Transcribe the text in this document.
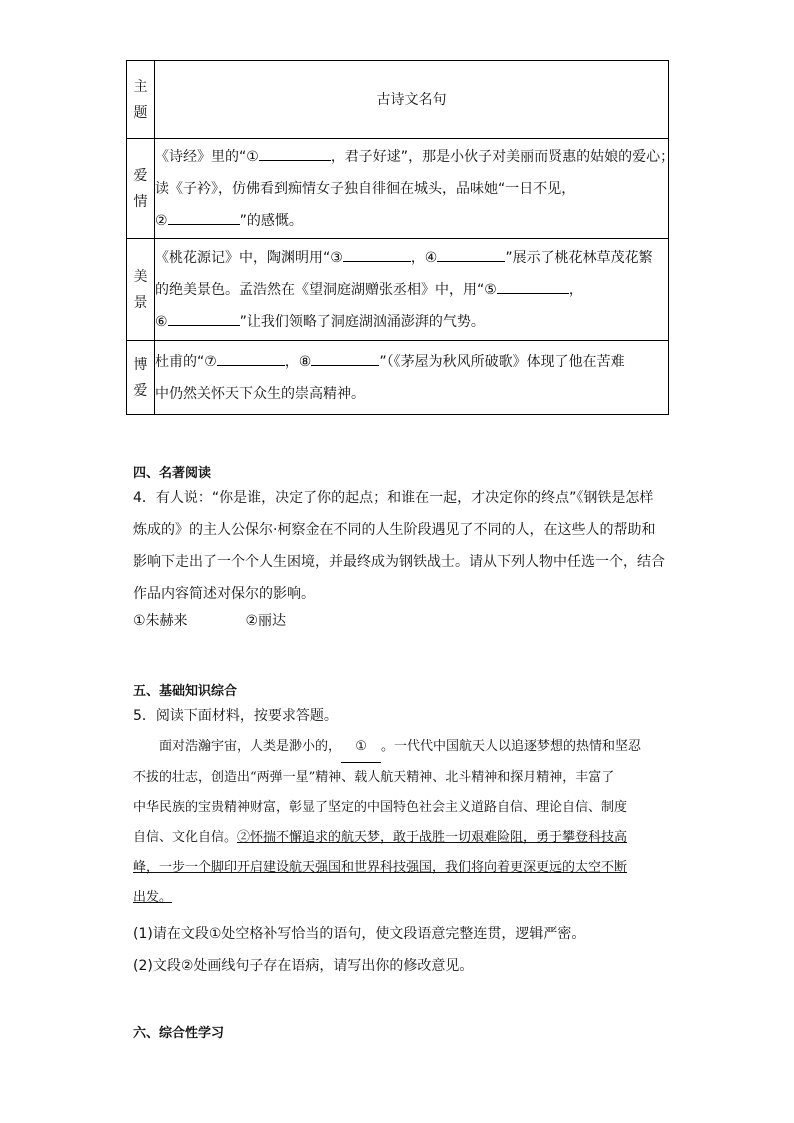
主
题	古诗文名句

爱
情	《诗经》里的“① ，君子好逑”，那是小伙子对美丽而贤惠的姑娘的爱心；
读《子衿》，仿佛看到痴情女子独自徘徊在城头，品味她“一日不见，
② ”的感慨。

美
景	《桃花源记》中，陶渊明用“③ ，④ ”展示了桃花林草茂花繁
的绝美景色。孟浩然在《望洞庭湖赠张丞相》中，用“⑤ ，
⑥ ”让我们领略了洞庭湖汹涌澎湃的气势。

博
爱	杜甫的“⑦ ，⑧ ”（《茅屋为秋风所破歌》体现了他在苦难
中仍然关怀天下众生的崇高精神。
四、名著阅读
4．有人说：“你是谁，决定了你的起点；和谁在一起，才决定你的终点”《钢铁是怎样
炼成的》的主人公保尔·柯察金在不同的人生阶段遇见了不同的人，在这些人的帮助和
影响下走出了一个个人生困境，并最终成为钢铁战士。请从下列人物中任选一个，结合
作品内容简述对保尔的影响。
①朱赫来	②丽达
五、基础知识综合
5．阅读下面材料，按要求答题。
　　面对浩瀚宇宙，人类是渺小的， ① 。一代代中国航天人以追逐梦想的热情和坚忍
不拔的壮志，创造出“两弹一星”精神、载人航天精神、北斗精神和探月精神，丰富了
中华民族的宝贵精神财富，彰显了坚定的中国特色社会主义道路自信、理论自信、制度
自信、文化自信。②怀揣不懈追求的航天梦，敢于战胜一切艰难险阻，勇于攀登科技高
峰，一步一个脚印开启建设航天强国和世界科技强国，我们将向着更深更远的太空不断
出发。
(1)请在文段①处空格补写恰当的语句，使文段语意完整连贯，逻辑严密。
(2)文段②处画线句子存在语病，请写出你的修改意见。
六、综合性学习
